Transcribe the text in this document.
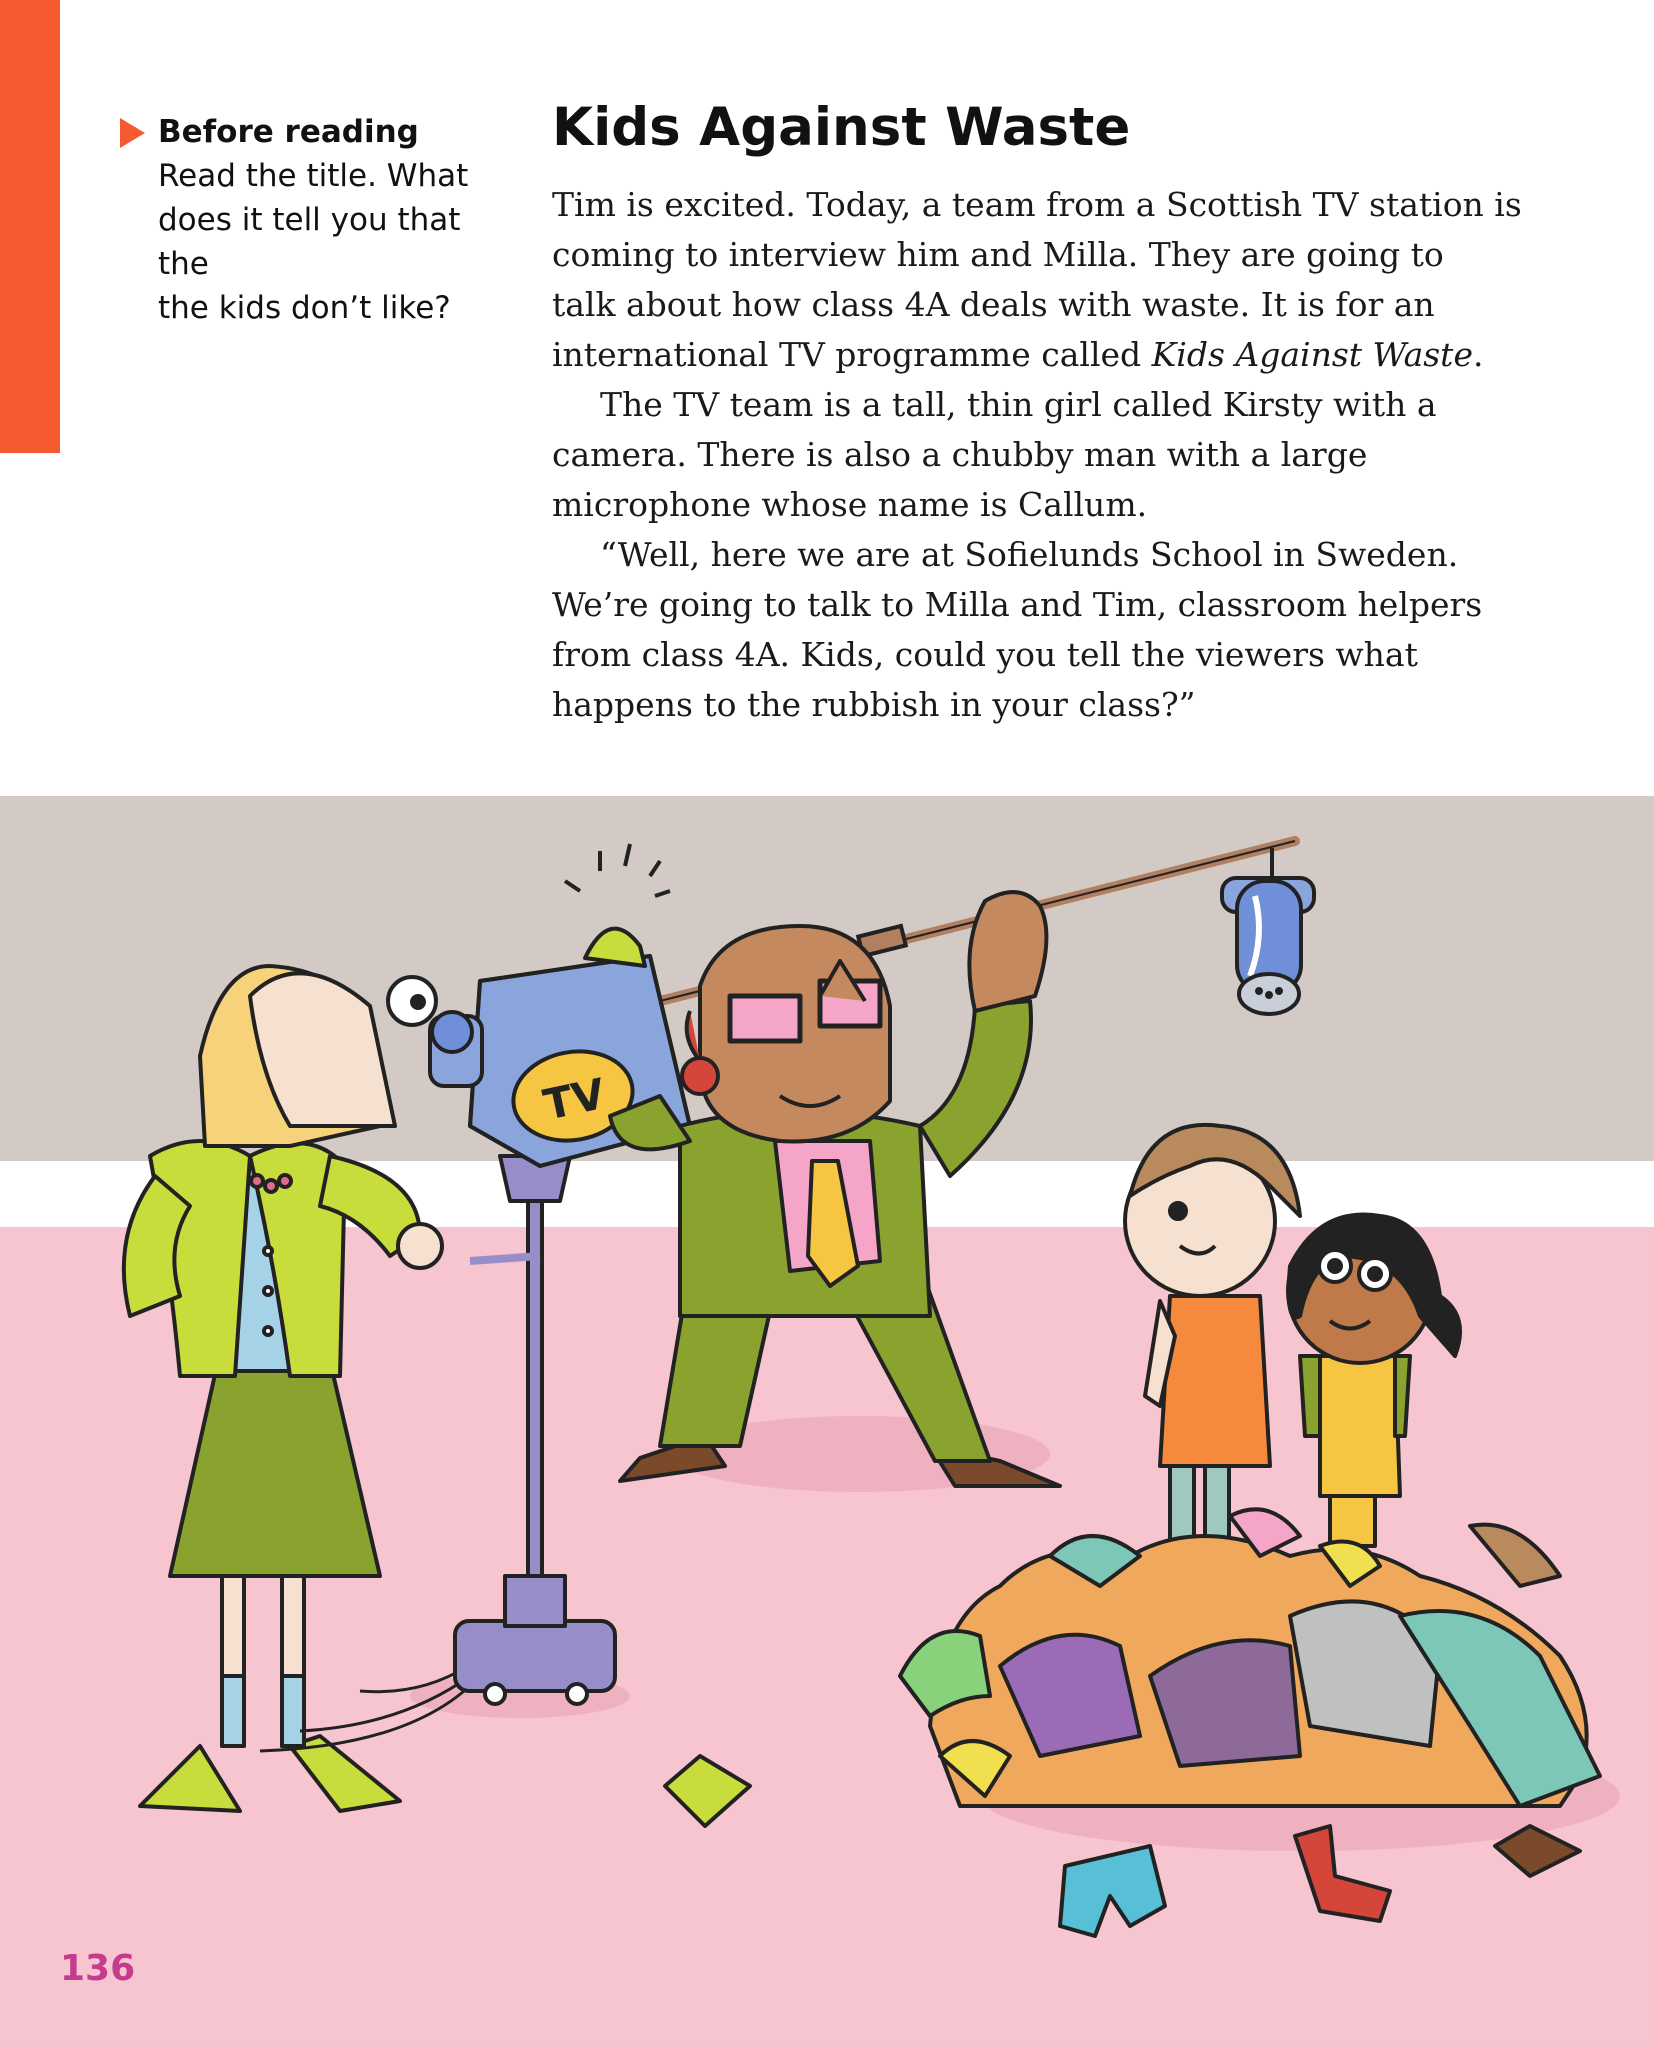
Before reading
Read the title. What
does it tell you that the
the kids don’t like?
Kids Against Waste

Tim is excited. Today, a team from a Scottish TV station is
coming to interview him and Milla. They are going to
talk about how class 4A deals with waste. It is for an
international TV programme called Kids Against Waste.

The TV team is a tall, thin girl called Kirsty with a
camera. There is also a chubby man with a large
microphone whose name is Callum.

“Well, here we are at Sofielunds School in Sweden.
We’re going to talk to Milla and Tim, classroom helpers
from class 4A. Kids, could you tell the viewers what
happens to the rubbish in your class?”

TV
136
